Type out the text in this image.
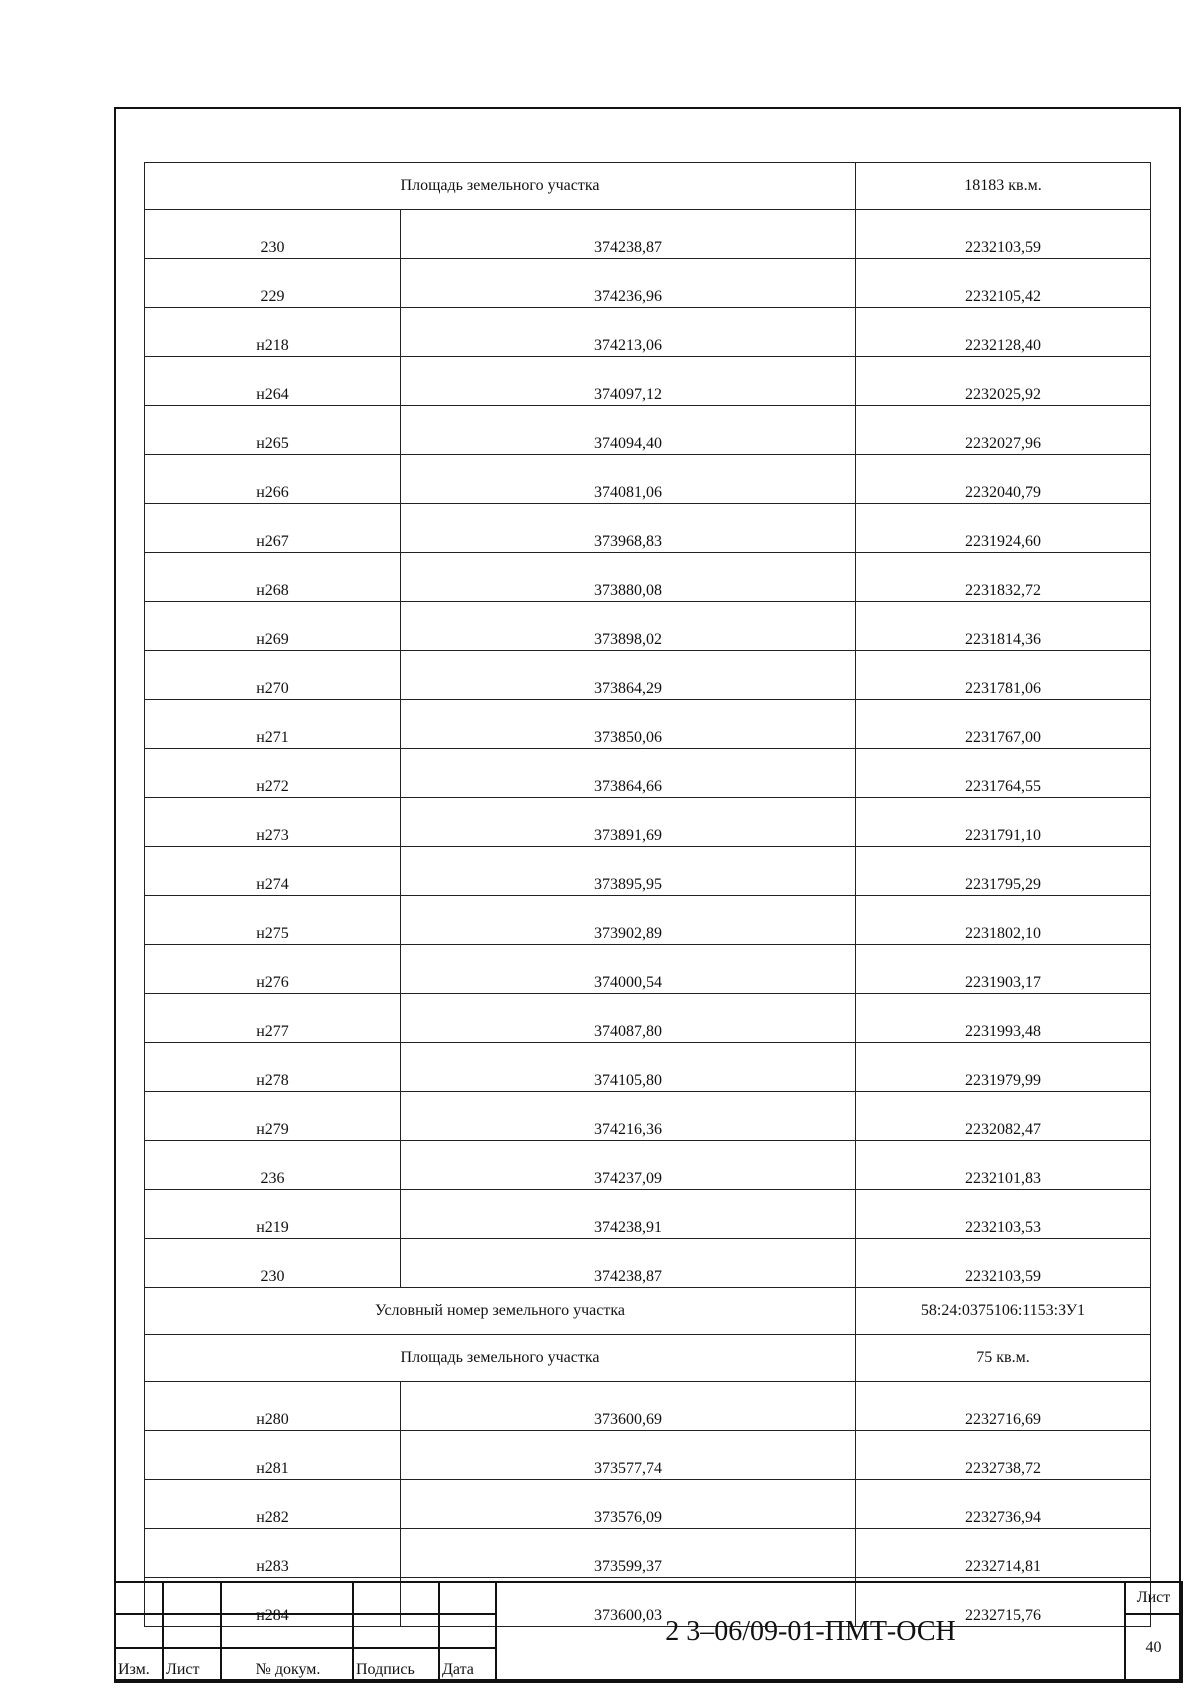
Площадь земельного участка		18183 кв.м.
230	374238,87	2232103,59
229	374236,96	2232105,42
н218	374213,06	2232128,40
н264	374097,12	2232025,92
н265	374094,40	2232027,96
н266	374081,06	2232040,79
н267	373968,83	2231924,60
н268	373880,08	2231832,72
н269	373898,02	2231814,36
н270	373864,29	2231781,06
н271	373850,06	2231767,00
н272	373864,66	2231764,55
н273	373891,69	2231791,10
н274	373895,95	2231795,29
н275	373902,89	2231802,10
н276	374000,54	2231903,17
н277	374087,80	2231993,48
н278	374105,80	2231979,99
н279	374216,36	2232082,47
236	374237,09	2232101,83
н219	374238,91	2232103,53
230	374238,87	2232103,59
Условный номер земельного участка		58:24:0375106:1153:ЗУ1
Площадь земельного участка		75 кв.м.
н280	373600,69	2232716,69
н281	373577,74	2232738,72
н282	373576,09	2232736,94
н283	373599,37	2232714,81
н284	373600,03	2232715,76
					2 3–06/09-01-ПМТ-ОСН	Лист
						40
Изм.	Лист	№ докум.	Подпись	Дата		
